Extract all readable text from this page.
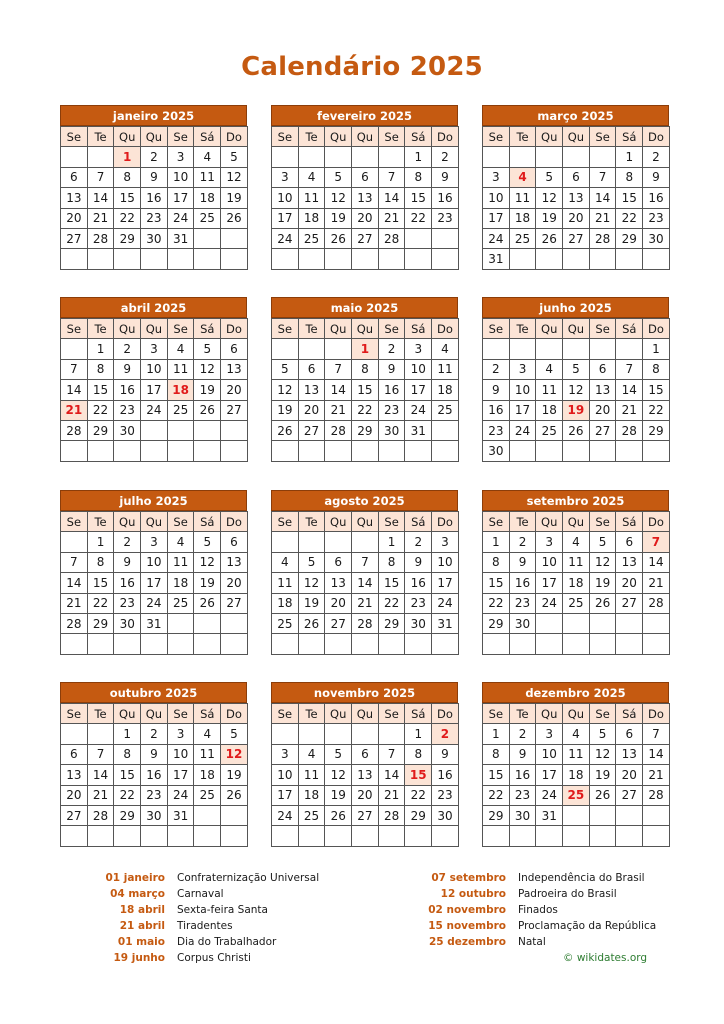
Calendário 2025
janeiro 2025
Se	Te	Qu	Qu	Se	Sá	Do
		1	2	3	4	5
6	7	8	9	10	11	12
13	14	15	16	17	18	19
20	21	22	23	24	25	26
27	28	29	30	31		

fevereiro 2025
Se	Te	Qu	Qu	Se	Sá	Do
					1	2
3	4	5	6	7	8	9
10	11	12	13	14	15	16
17	18	19	20	21	22	23
24	25	26	27	28		

março 2025
Se	Te	Qu	Qu	Se	Sá	Do
					1	2
3	4	5	6	7	8	9
10	11	12	13	14	15	16
17	18	19	20	21	22	23
24	25	26	27	28	29	30
31						
abril 2025
Se	Te	Qu	Qu	Se	Sá	Do
	1	2	3	4	5	6
7	8	9	10	11	12	13
14	15	16	17	18	19	20
21	22	23	24	25	26	27
28	29	30				

maio 2025
Se	Te	Qu	Qu	Se	Sá	Do
			1	2	3	4
5	6	7	8	9	10	11
12	13	14	15	16	17	18
19	20	21	22	23	24	25
26	27	28	29	30	31	

junho 2025
Se	Te	Qu	Qu	Se	Sá	Do
						1
2	3	4	5	6	7	8
9	10	11	12	13	14	15
16	17	18	19	20	21	22
23	24	25	26	27	28	29
30						
julho 2025
Se	Te	Qu	Qu	Se	Sá	Do
	1	2	3	4	5	6
7	8	9	10	11	12	13
14	15	16	17	18	19	20
21	22	23	24	25	26	27
28	29	30	31			

agosto 2025
Se	Te	Qu	Qu	Se	Sá	Do
				1	2	3
4	5	6	7	8	9	10
11	12	13	14	15	16	17
18	19	20	21	22	23	24
25	26	27	28	29	30	31

setembro 2025
Se	Te	Qu	Qu	Se	Sá	Do
1	2	3	4	5	6	7
8	9	10	11	12	13	14
15	16	17	18	19	20	21
22	23	24	25	26	27	28
29	30					

outubro 2025
Se	Te	Qu	Qu	Se	Sá	Do
		1	2	3	4	5
6	7	8	9	10	11	12
13	14	15	16	17	18	19
20	21	22	23	24	25	26
27	28	29	30	31		

novembro 2025
Se	Te	Qu	Qu	Se	Sá	Do
					1	2
3	4	5	6	7	8	9
10	11	12	13	14	15	16
17	18	19	20	21	22	23
24	25	26	27	28	29	30

dezembro 2025
Se	Te	Qu	Qu	Se	Sá	Do
1	2	3	4	5	6	7
8	9	10	11	12	13	14
15	16	17	18	19	20	21
22	23	24	25	26	27	28
29	30	31				

01 janeiro Confraternização Universal
04 março Carnaval
18 abril Sexta-feira Santa
21 abril Tiradentes
01 maio Dia do Trabalhador
19 junho Corpus Christi
07 setembro Independência do Brasil
12 outubro Padroeira do Brasil
02 novembro Finados
15 novembro Proclamação da República
25 dezembro Natal
© wikidates.org
